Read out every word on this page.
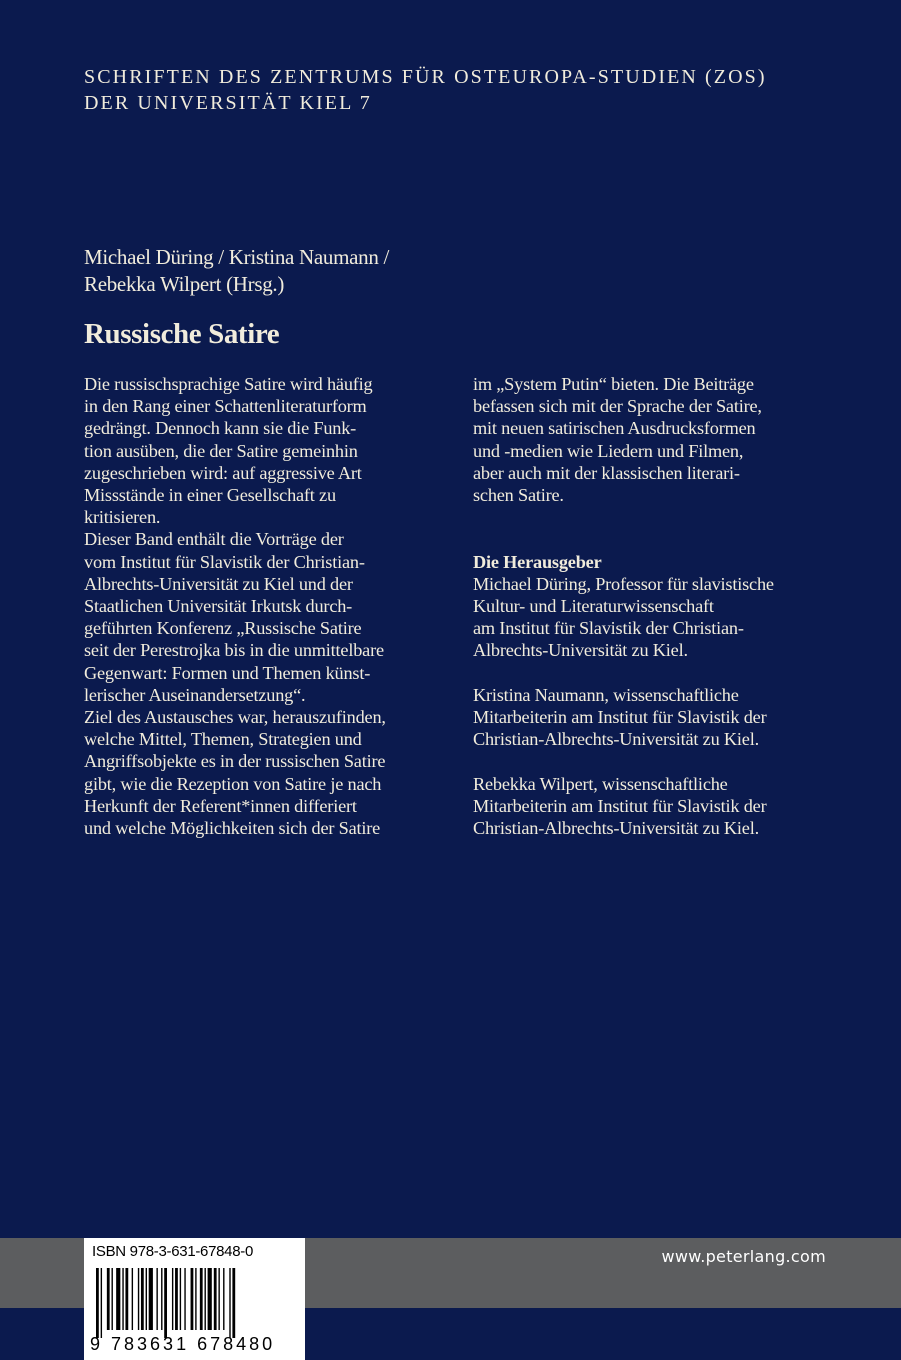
SCHRIFTEN DES ZENTRUMS FÜR OSTEUROPA-STUDIEN (ZOS)
DER UNIVERSITÄT KIEL 7
Michael Düring / Kristina Naumann /
Rebekka Wilpert (Hrsg.)
Russische Satire
Die russischsprachige Satire wird häufig
in den Rang einer Schattenliteraturform
gedrängt. Dennoch kann sie die Funk-
tion ausüben, die der Satire gemeinhin
zugeschrieben wird: auf aggressive Art
Missstände in einer Gesellschaft zu
kritisieren.
Dieser Band enthält die Vorträge der
vom Institut für Slavistik der Christian-
Albrechts-Universität zu Kiel und der
Staatlichen Universität Irkutsk durch-
geführten Konferenz „Russische Satire
seit der Perestrojka bis in die unmittelbare
Gegenwart: Formen und Themen künst-
lerischer Auseinandersetzung“.
Ziel des Austausches war, herauszufinden,
welche Mittel, Themen, Strategien und
Angriffsobjekte es in der russischen Satire
gibt, wie die Rezeption von Satire je nach
Herkunft der Referent*innen differiert
und welche Möglichkeiten sich der Satire
im „System Putin“ bieten. Die Beiträge
befassen sich mit der Sprache der Satire,
mit neuen satirischen Ausdrucksformen
und -medien wie Liedern und Filmen,
aber auch mit der klassischen literari-
schen Satire.
Die Herausgeber
Michael Düring, Professor für slavistische
Kultur- und Literaturwissenschaft
am Institut für Slavistik der Christian-
Albrechts-Universität zu Kiel.
Kristina Naumann, wissenschaftliche
Mitarbeiterin am Institut für Slavistik der
Christian-Albrechts-Universität zu Kiel.
Rebekka Wilpert, wissenschaftliche
Mitarbeiterin am Institut für Slavistik der
Christian-Albrechts-Universität zu Kiel.
www.peterlang.com
ISBN 978-3-631-67848-0
9 783631 678480
